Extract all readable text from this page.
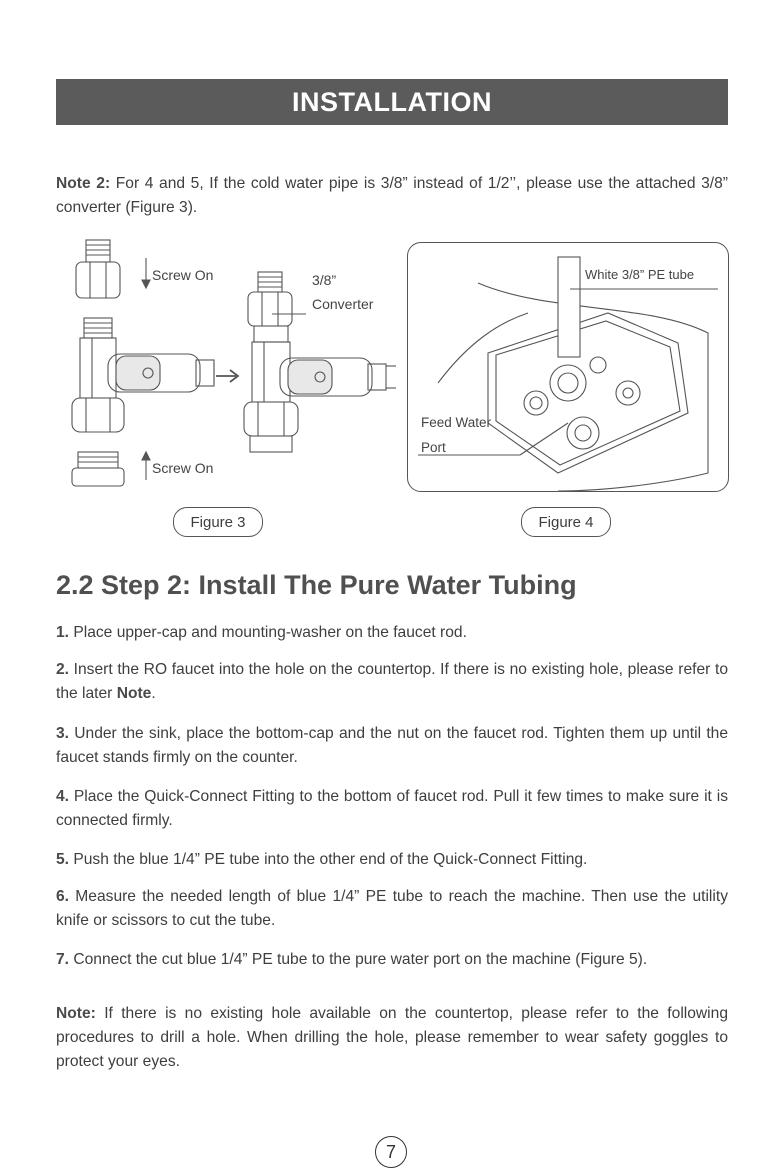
INSTALLATION

Note 2: For 4 and 5, If the cold water pipe is 3/8” instead of 1/2’’, please use the attached 3/8” converter (Figure 3).

Screw On
Screw On
3/8”
Converter
White 3/8” PE tube
Feed Water
Port
Figure 3	Figure 4
2.2 Step 2: Install The Pure Water Tubing

1. Place upper-cap and mounting-washer on the faucet rod.

2. Insert the RO faucet into the hole on the countertop. If there is no existing hole, please refer to the later Note.

3. Under the sink, place the bottom-cap and the nut on the faucet rod. Tighten them up until the faucet stands firmly on the counter.

4. Place the Quick-Connect Fitting to the bottom of faucet rod. Pull it few times to make sure it is connected firmly.

5. Push the blue 1/4” PE tube into the other end of the Quick-Connect Fitting.

6. Measure the needed length of blue 1/4” PE tube to reach the machine. Then use the utility knife or scissors to cut the tube.

7. Connect the cut blue 1/4” PE tube to the pure water port on the machine (Figure 5).

Note: If there is no existing hole available on the countertop, please refer to the following procedures to drill a hole. When drilling the hole, please remember to wear safety goggles to protect your eyes.

7
